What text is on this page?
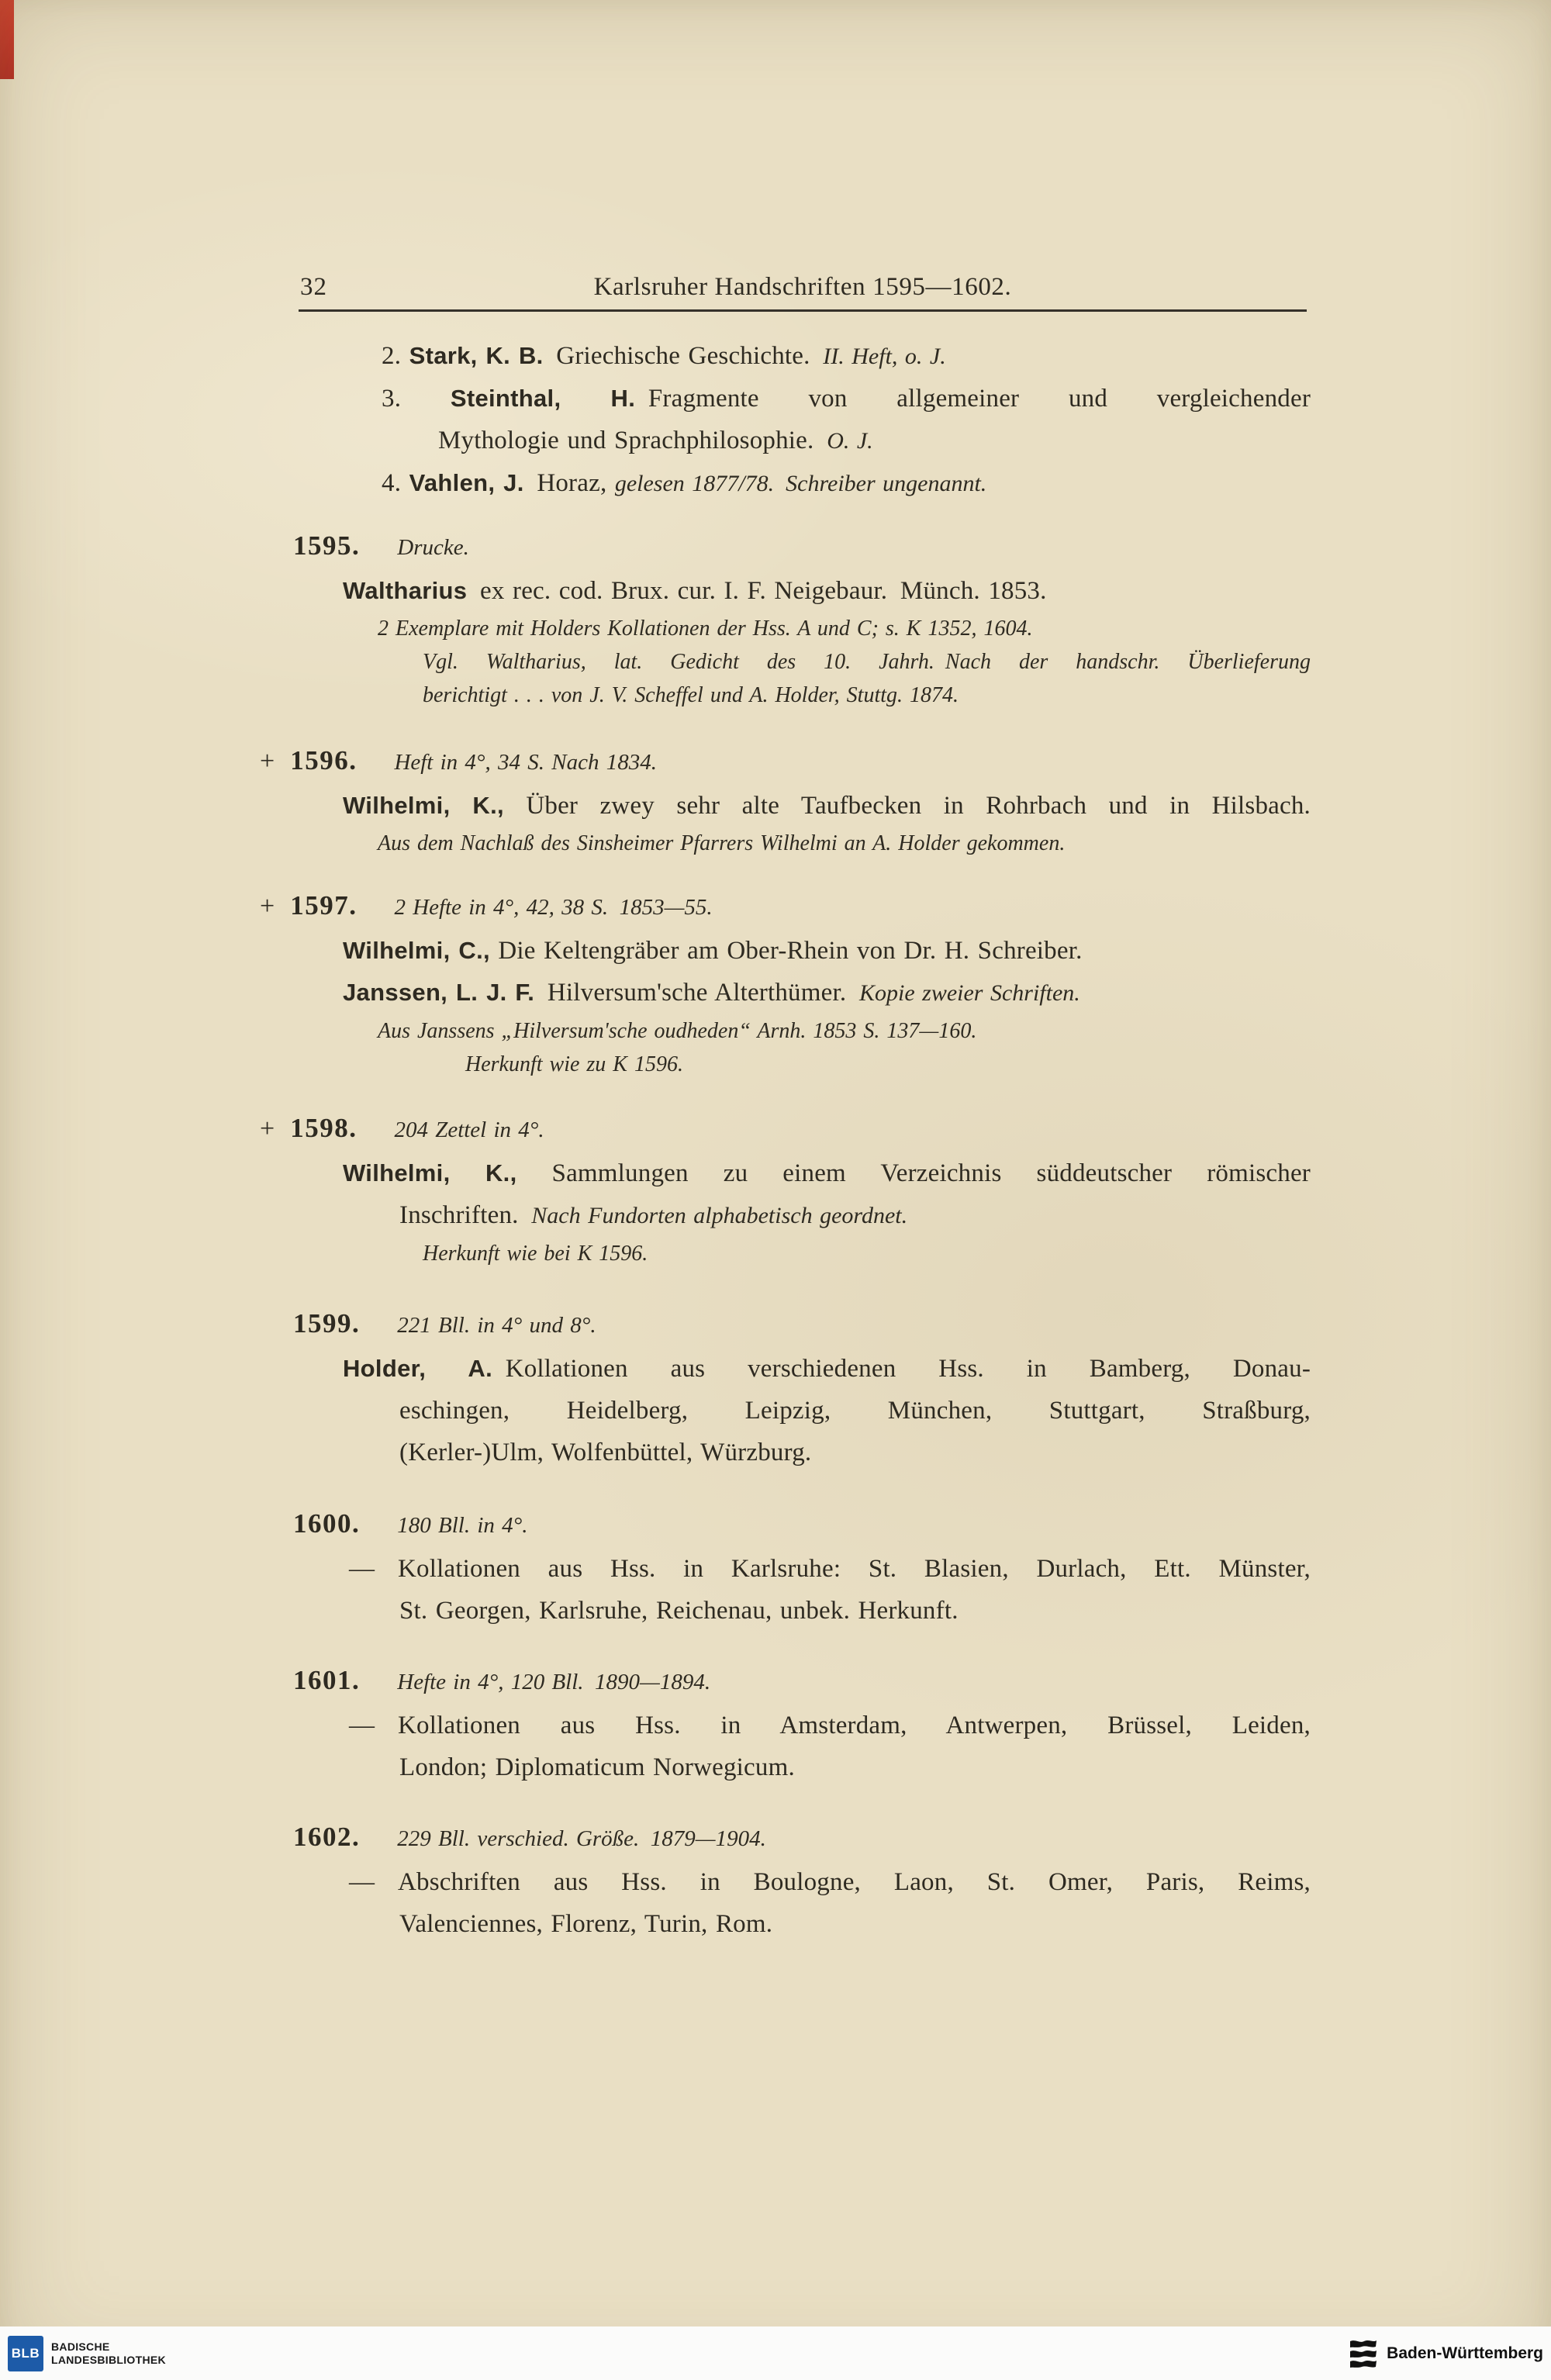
32	Karlsruher Handschriften 1595—1602.
2. Stark, K. B. Griechische Geschichte. II. Heft, o. J.
3. Steinthal, H. Fragmente von allgemeiner und vergleichender
Mythologie und Sprachphilosophie. O. J.
4. Vahlen, J. Horaz, gelesen 1877/78. Schreiber ungenannt.
1595. Drucke.
Waltharius ex rec. cod. Brux. cur. I. F. Neigebaur. Münch. 1853.
2 Exemplare mit Holders Kollationen der Hss. A und C; s. K 1352, 1604.
Vgl. Waltharius, lat. Gedicht des 10. Jahrh. Nach der handschr. Überlieferung
berichtigt . . . von J. V. Scheffel und A. Holder, Stuttg. 1874.
+ 1596. Heft in 4°, 34 S. Nach 1834.
Wilhelmi, K., Über zwey sehr alte Taufbecken in Rohrbach und in Hilsbach.
Aus dem Nachlaß des Sinsheimer Pfarrers Wilhelmi an A. Holder gekommen.
+ 1597. 2 Hefte in 4°, 42, 38 S. 1853—55.
Wilhelmi, C., Die Keltengräber am Ober-Rhein von Dr. H. Schreiber.
Janssen, L. J. F. Hilversum'sche Alterthümer. Kopie zweier Schriften.
Aus Janssens „Hilversum'sche oudheden“ Arnh. 1853 S. 137—160.
Herkunft wie zu K 1596.
+ 1598. 204 Zettel in 4°.
Wilhelmi, K., Sammlungen zu einem Verzeichnis süddeutscher römischer
Inschriften. Nach Fundorten alphabetisch geordnet.
Herkunft wie bei K 1596.
1599. 221 Bll. in 4° und 8°.
Holder, A. Kollationen aus verschiedenen Hss. in Bamberg, Donau-
eschingen, Heidelberg, Leipzig, München, Stuttgart, Straßburg,
(Kerler-)Ulm, Wolfenbüttel, Würzburg.
1600. 180 Bll. in 4°.
— Kollationen aus Hss. in Karlsruhe: St. Blasien, Durlach, Ett. Münster,
St. Georgen, Karlsruhe, Reichenau, unbek. Herkunft.
1601. Hefte in 4°, 120 Bll. 1890—1894.
— Kollationen aus Hss. in Amsterdam, Antwerpen, Brüssel, Leiden,
London; Diplomaticum Norwegicum.
1602. 229 Bll. verschied. Größe. 1879—1904.
— Abschriften aus Hss. in Boulogne, Laon, St. Omer, Paris, Reims,
Valenciennes, Florenz, Turin, Rom.
BLB	BADISCHE
LANDESBIBLIOTHEK	Baden-Württemberg
